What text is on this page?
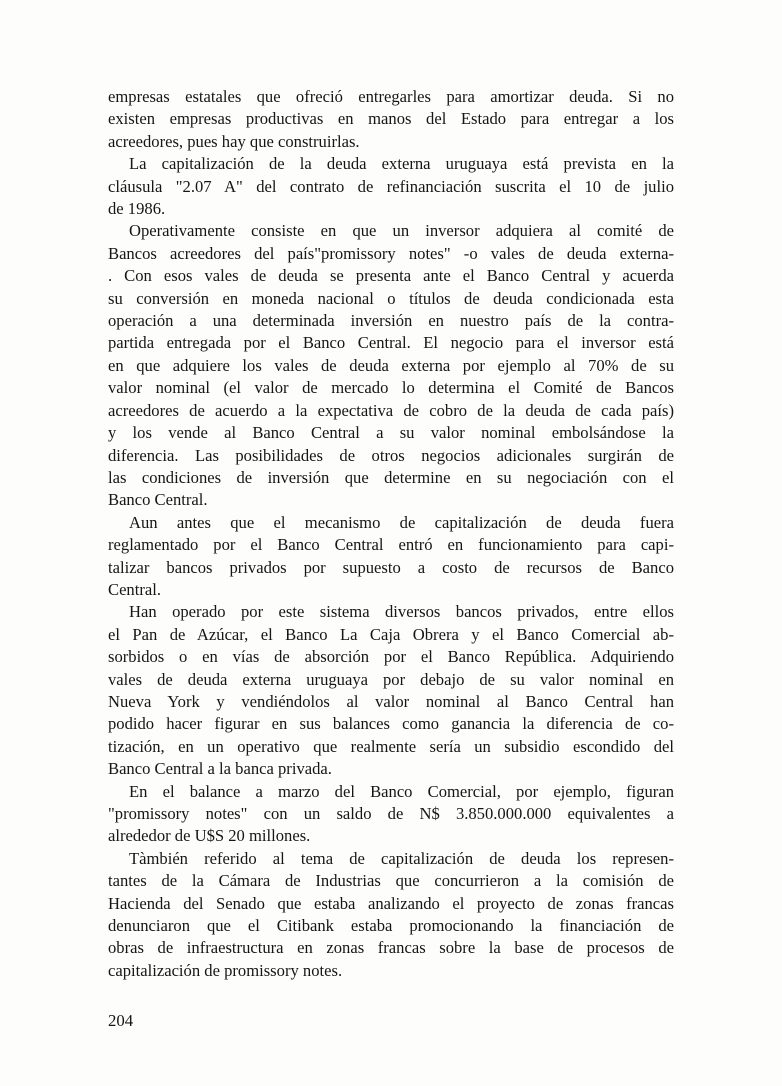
empresas estatales que ofreció entregarles para amortizar deuda. Si no
existen empresas productivas en manos del Estado para entregar a los
acreedores, pues hay que construirlas.
La capitalización de la deuda externa uruguaya está prevista en la
cláusula "2.07 A" del contrato de refinanciación suscrita el 10 de julio
de 1986.
Operativamente consiste en que un inversor adquiera al comité de
Bancos acreedores del país"promissory notes" -o vales de deuda externa-
. Con esos vales de deuda se presenta ante el Banco Central y acuerda
su conversión en moneda nacional o títulos de deuda condicionada esta
operación a una determinada inversión en nuestro país de la contra-
partida entregada por el Banco Central. El negocio para el inversor está
en que adquiere los vales de deuda externa por ejemplo al 70% de su
valor nominal (el valor de mercado lo determina el Comité de Bancos
acreedores de acuerdo a la expectativa de cobro de la deuda de cada país)
y los vende al Banco Central a su valor nominal embolsándose la
diferencia. Las posibilidades de otros negocios adicionales surgirán de
las condiciones de inversión que determine en su negociación con el
Banco Central.
Aun antes que el mecanismo de capitalización de deuda fuera
reglamentado por el Banco Central entró en funcionamiento para capi-
talizar bancos privados por supuesto a costo de recursos de Banco
Central.
Han operado por este sistema diversos bancos privados, entre ellos
el Pan de Azúcar, el Banco La Caja Obrera y el Banco Comercial ab-
sorbidos o en vías de absorción por el Banco República. Adquiriendo
vales de deuda externa uruguaya por debajo de su valor nominal en
Nueva York y vendiéndolos al valor nominal al Banco Central han
podido hacer figurar en sus balances como ganancia la diferencia de co-
tización, en un operativo que realmente sería un subsidio escondido del
Banco Central a la banca privada.
En el balance a marzo del Banco Comercial, por ejemplo, figuran
"promissory notes" con un saldo de N$ 3.850.000.000 equivalentes a
alrededor de U$S 20 millones.
Tàmbién referido al tema de capitalización de deuda los represen-
tantes de la Cámara de Industrias que concurrieron a la comisión de
Hacienda del Senado que estaba analizando el proyecto de zonas francas
denunciaron que el Citibank estaba promocionando la financiación de
obras de infraestructura en zonas francas sobre la base de procesos de
capitalización de promissory notes.
204
